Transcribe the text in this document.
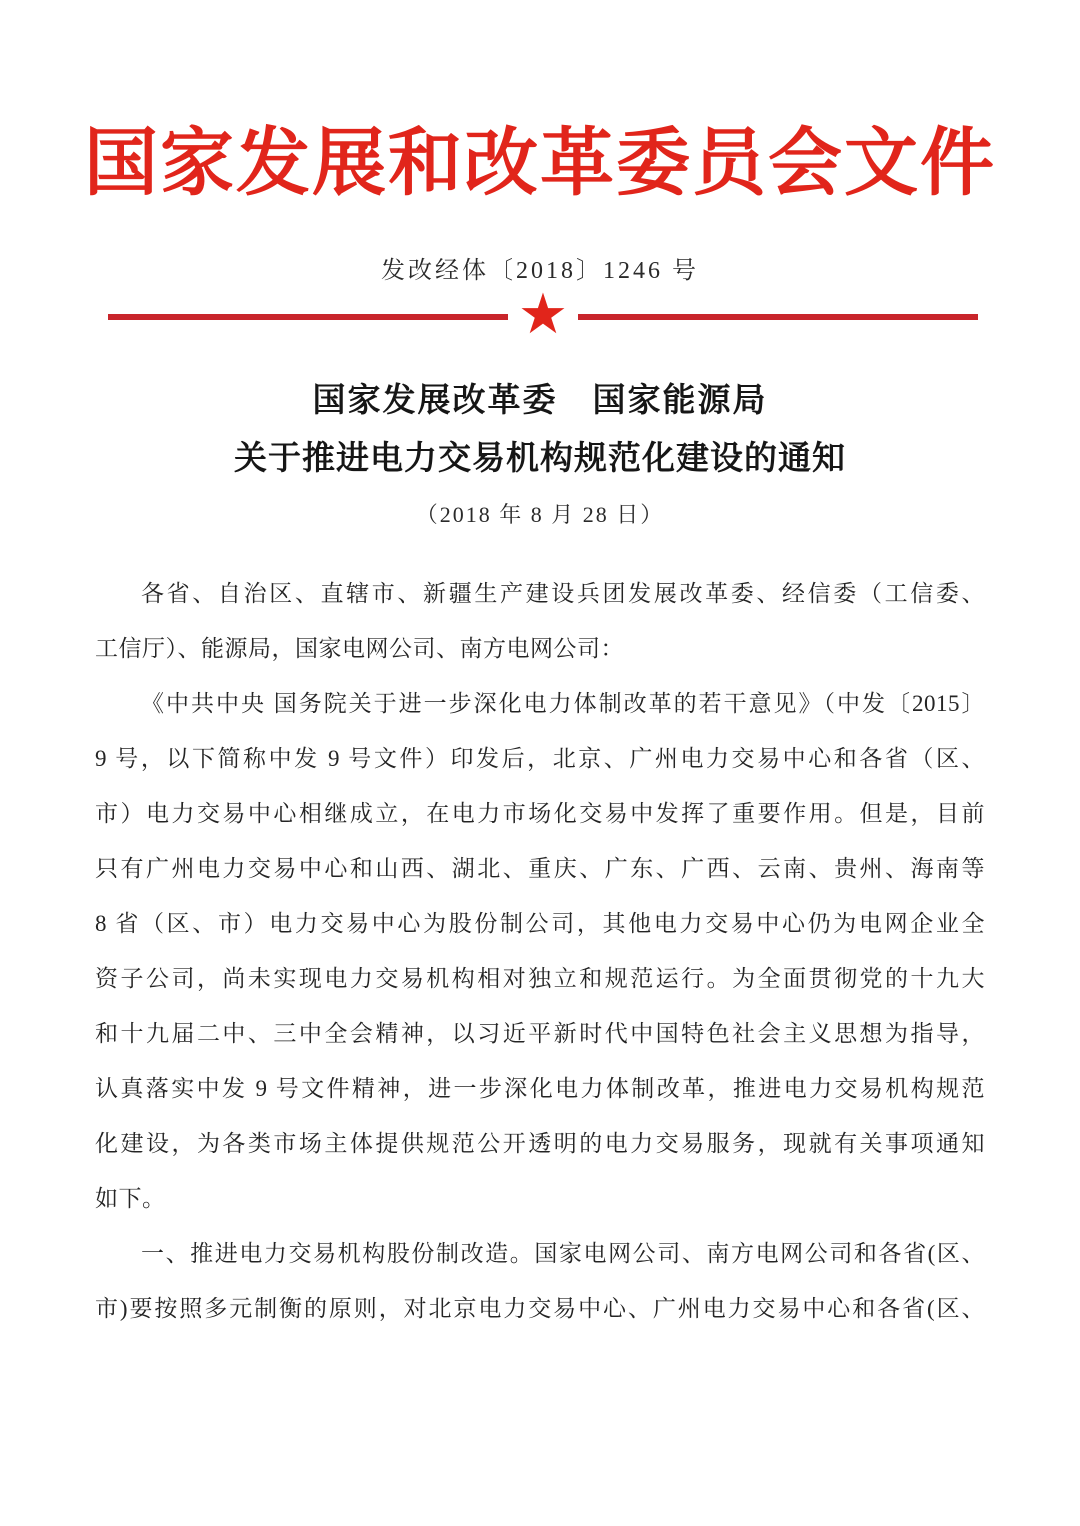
国家发展和改革委员会文件
发改经体〔2018〕1246 号
★
国家发展改革委　国家能源局
关于推进电力交易机构规范化建设的通知
（2018 年 8 月 28 日）
各省、自治区、直辖市、新疆生产建设兵团发展改革委、经信委（工信委、
工信厅）、能源局，国家电网公司、南方电网公司：
《中共中央 国务院关于进一步深化电力体制改革的若干意见》（中发〔2015〕
9 号，以下简称中发 9 号文件）印发后，北京、广州电力交易中心和各省（区、
市）电力交易中心相继成立，在电力市场化交易中发挥了重要作用。但是，目前
只有广州电力交易中心和山西、湖北、重庆、广东、广西、云南、贵州、海南等
8 省（区、市）电力交易中心为股份制公司，其他电力交易中心仍为电网企业全
资子公司，尚未实现电力交易机构相对独立和规范运行。为全面贯彻党的十九大
和十九届二中、三中全会精神，以习近平新时代中国特色社会主义思想为指导，
认真落实中发 9 号文件精神，进一步深化电力体制改革，推进电力交易机构规范
化建设，为各类市场主体提供规范公开透明的电力交易服务，现就有关事项通知
如下。
一、推进电力交易机构股份制改造。国家电网公司、南方电网公司和各省(区、
市)要按照多元制衡的原则，对北京电力交易中心、广州电力交易中心和各省(区、
